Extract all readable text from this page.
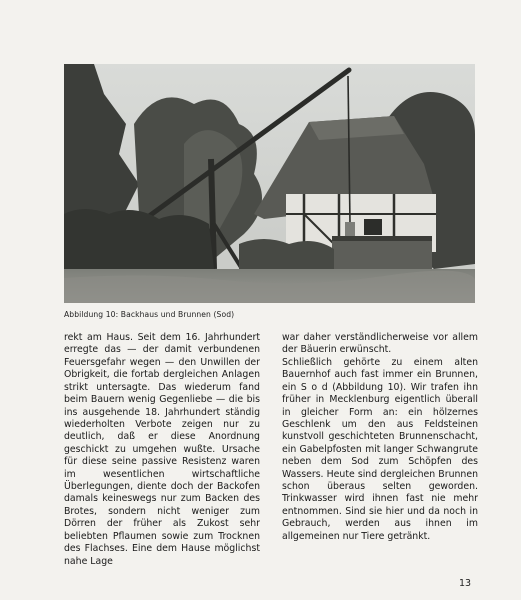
Abbildung 10: Backhaus und Brunnen (Sod)

rekt am Haus. Seit dem 16. Jahrhundert erregte das — der damit verbundenen Feuersgefahr wegen — den Unwillen der Obrigkeit, die fortab dergleichen Anlagen strikt untersagte. Das wiederum fand beim Bauern wenig Gegenliebe — die bis ins ausgehende 18. Jahrhundert ständig wiederholten Verbote zeigen nur zu deutlich, daß er diese Anordnung geschickt zu umgehen wußte. Ursache für diese seine passive Resistenz waren im wesentlichen wirtschaftliche Überlegungen, diente doch der Backofen damals keineswegs nur zum Backen des Brotes, sondern nicht weniger zum Dörren der früher als Zukost sehr beliebten Pflaumen sowie zum Trocknen des Flachses. Eine dem Hause möglichst nahe Lage

war daher verständlicherweise vor allem der Bäuerin erwünscht.

Schließlich gehörte zu einem alten Bauernhof auch fast immer ein Brunnen, ein S o d (Abbildung 10). Wir trafen ihn früher in Mecklenburg eigentlich überall in gleicher Form an: ein hölzernes Geschlenk um den aus Feldsteinen kunstvoll geschichteten Brunnenschacht, ein Gabelpfosten mit langer Schwangrute neben dem Sod zum Schöpfen des Wassers. Heute sind dergleichen Brunnen schon überaus selten geworden. Trinkwasser wird ihnen fast nie mehr entnommen. Sind sie hier und da noch in Gebrauch, werden aus ihnen im allgemeinen nur Tiere getränkt.

13
